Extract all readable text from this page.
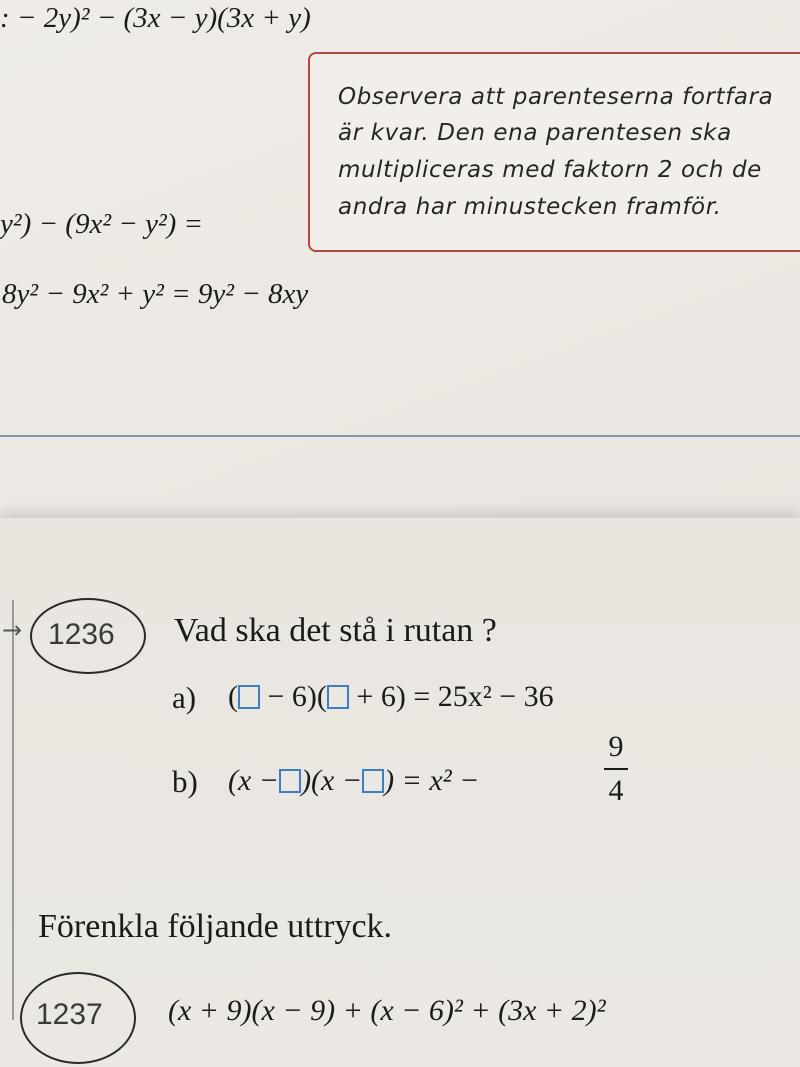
: − 2y)² − (3x − y)(3x + y)
y²) − (9x² − y²) =
8y² − 9x² + y² = 9y² − 8xy
Observera att parenteserna fortfara
är kvar. Den ena parentesen ska
multipliceras med faktorn 2 och de
andra har minustecken framför.
→ 1236 Vad ska det stå i rutan ?
a) ( − 6)( + 6) = 25x² − 36
b) (x − )(x − ) = x² −
9
4
Förenkla följande uttryck.
1237 (x + 9)(x − 9) + (x − 6)² + (3x + 2)²
